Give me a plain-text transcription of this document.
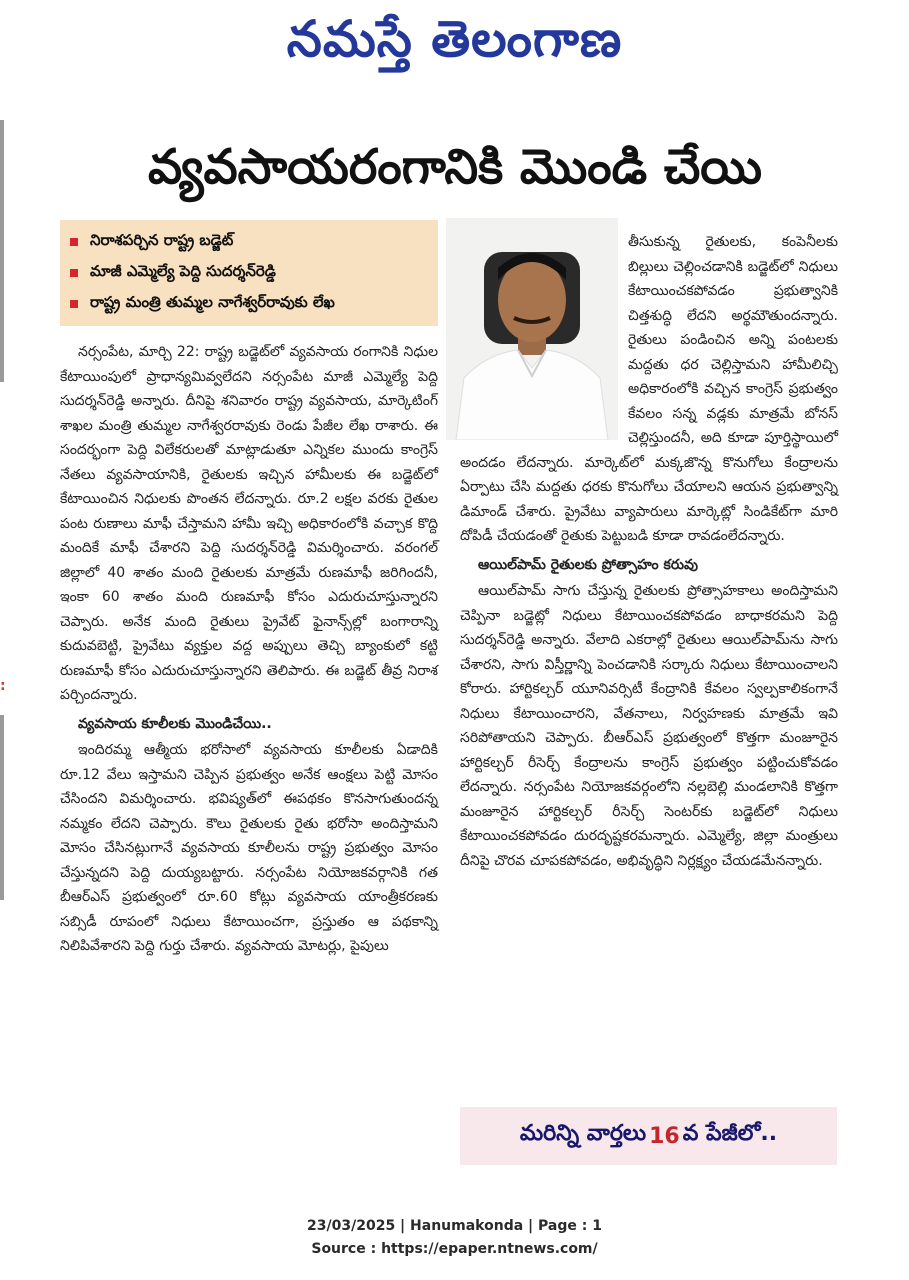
నమస్తే తెలంగాణ
:
వ్యవసాయరంగానికి మొండి చేయి
నిరాశపర్చిన రాష్ట్ర బడ్జెట్
మాజీ ఎమ్మెల్యే పెద్ది సుదర్శన్‌రెడ్డి
రాష్ట్ర మంత్రి తుమ్మల నాగేశ్వర్‌రావుకు లేఖ

నర్సంపేట, మార్చి 22: రాష్ట్ర బడ్జెట్‌లో వ్యవసాయ రంగానికి నిధుల కేటాయింపులో ప్రాధాన్యమివ్వలేదని నర్సంపేట మాజీ ఎమ్మెల్యే పెద్ది సుదర్శన్‌రెడ్డి అన్నారు. దీనిపై శనివారం రాష్ట్ర వ్యవసాయ, మార్కెటింగ్ శాఖల మంత్రి తుమ్మల నాగేశ్వరరావుకు రెండు పేజీల లేఖ రాశారు. ఈ సందర్భంగా పెద్ది విలేకరులతో మాట్లాడుతూ ఎన్నికల ముందు కాంగ్రెస్ నేతలు వ్యవసాయానికి, రైతులకు ఇచ్చిన హామీలకు ఈ బడ్జెట్‌లో కేటాయించిన నిధులకు పొంతన లేదన్నారు. రూ.2 లక్షల వరకు రైతుల పంట రుణాలు మాఫీ చేస్తామని హామీ ఇచ్చి అధికారంలోకి వచ్చాక కొద్ది మందికే మాఫీ చేశారని పెద్ది సుదర్శన్‌రెడ్డి విమర్శించారు. వరంగల్ జిల్లాలో 40 శాతం మంది రైతులకు మాత్రమే రుణమాఫీ జరిగిందనీ, ఇంకా 60 శాతం మంది రుణమాఫీ కోసం ఎదురుచూస్తున్నారని చెప్పారు. అనేక మంది రైతులు ప్రైవేట్ ఫైనాన్స్‌ల్లో బంగారాన్ని కుదువబెట్టి, ప్రైవేటు వ్యక్తుల వద్ద అప్పులు తెచ్చి బ్యాంకులో కట్టి రుణమాఫీ కోసం ఎదురుచూస్తున్నారని తెలిపారు. ఈ బడ్జెట్ తీవ్ర నిరాశ పర్చిందన్నారు.

వ్యవసాయ కూలీలకు మొండిచేయి..

ఇందిరమ్మ ఆత్మీయ భరోసాలో వ్యవసాయ కూలీలకు ఏడాదికి రూ.12 వేలు ఇస్తామని చెప్పిన ప్రభుత్వం అనేక ఆంక్షలు పెట్టి మోసం చేసిందని విమర్శించారు. భవిష్యత్‌లో ఈపథకం కొనసాగుతుందన్న నమ్మకం లేదని చెప్పారు. కౌలు రైతులకు రైతు భరోసా అందిస్తామని మోసం చేసినట్లుగానే వ్యవసాయ కూలీలను రాష్ట్ర ప్రభుత్వం మోసం చేస్తున్నదని పెద్ది దుయ్యబట్టారు. నర్సంపేట నియోజకవర్గానికి గత బీఆర్‌ఎస్ ప్రభుత్వంలో రూ.60 కోట్లు వ్యవసాయ యాంత్రీకరణకు సబ్సిడీ రూపంలో నిధులు కేటాయించగా, ప్రస్తుతం ఆ పథకాన్ని నిలిపివేశారని పెద్ది గుర్తు చేశారు. వ్యవసాయ మోటర్లు, పైపులు

తీసుకున్న రైతులకు, కంపెనీలకు బిల్లులు చెల్లించడానికి బడ్జెట్‌లో నిధులు కేటాయించకపోవడం ప్రభుత్వానికి చిత్తశుద్ధి లేదని అర్థమౌతుందన్నారు. రైతులు పండించిన అన్ని పంటలకు మద్దతు ధర చెల్లిస్తామని హామీలిచ్చి అధికారంలోకి వచ్చిన కాంగ్రెస్ ప్రభుత్వం కేవలం సన్న వడ్లకు మాత్రమే బోనస్ చెల్లిస్తుందనీ, అది కూడా పూర్తిస్థాయిలో అందడం లేదన్నారు. మార్కెట్‌లో మక్కజొన్న కొనుగోలు కేంద్రాలను ఏర్పాటు చేసి మద్దతు ధరకు కొనుగోలు చేయాలని ఆయన ప్రభుత్వాన్ని డిమాండ్ చేశారు. ప్రైవేటు వ్యాపారులు మార్కెట్లో సిండికేట్‌గా మారి దోపిడీ చేయడంతో రైతుకు పెట్టుబడి కూడా రావడంలేదన్నారు.

ఆయిల్‌పామ్ రైతులకు ప్రోత్సాహం కరువు

ఆయిల్‌పామ్ సాగు చేస్తున్న రైతులకు ప్రోత్సాహకాలు అందిస్తామని చెప్పినా బడ్జెట్లో నిధులు కేటాయించకపోవడం బాధాకరమని పెద్ది సుదర్శన్‌రెడ్డి అన్నారు. వేలాది ఎకరాల్లో రైతులు ఆయిల్‌పామ్‌ను సాగు చేశారని, సాగు విస్తీర్ణాన్ని పెంచడానికి సర్కారు నిధులు కేటాయించాలని కోరారు. హార్టికల్చర్ యూనివర్సిటీ కేంద్రానికి కేవలం స్వల్పకాలికంగానే నిధులు కేటాయించారని, వేతనాలు, నిర్వహణకు మాత్రమే ఇవి సరిపోతాయని చెప్పారు. బీఆర్‌ఎస్ ప్రభుత్వంలో కొత్తగా మంజూరైన హార్టికల్చర్ రీసెర్చ్ కేంద్రాలను కాంగ్రెస్ ప్రభుత్వం పట్టించుకోవడం లేదన్నారు. నర్సంపేట నియోజకవర్గంలోని నల్లబెల్లి మండలానికి కొత్తగా మంజూరైన హార్టికల్చర్ రీసెర్చ్ సెంటర్‌కు బడ్జెట్‌లో నిధులు కేటాయించకపోవడం దురదృష్టకరమన్నారు. ఎమ్మెల్యే, జిల్లా మంత్రులు దీనిపై చొరవ చూపకపోవడం, అభివృద్ధిని నిర్లక్ష్యం చేయడమేనన్నారు.

మరిన్ని వార్తలు 16 వ పేజీలో..
23/03/2025 | Hanumakonda | Page : 1
Source : https://epaper.ntnews.com/
